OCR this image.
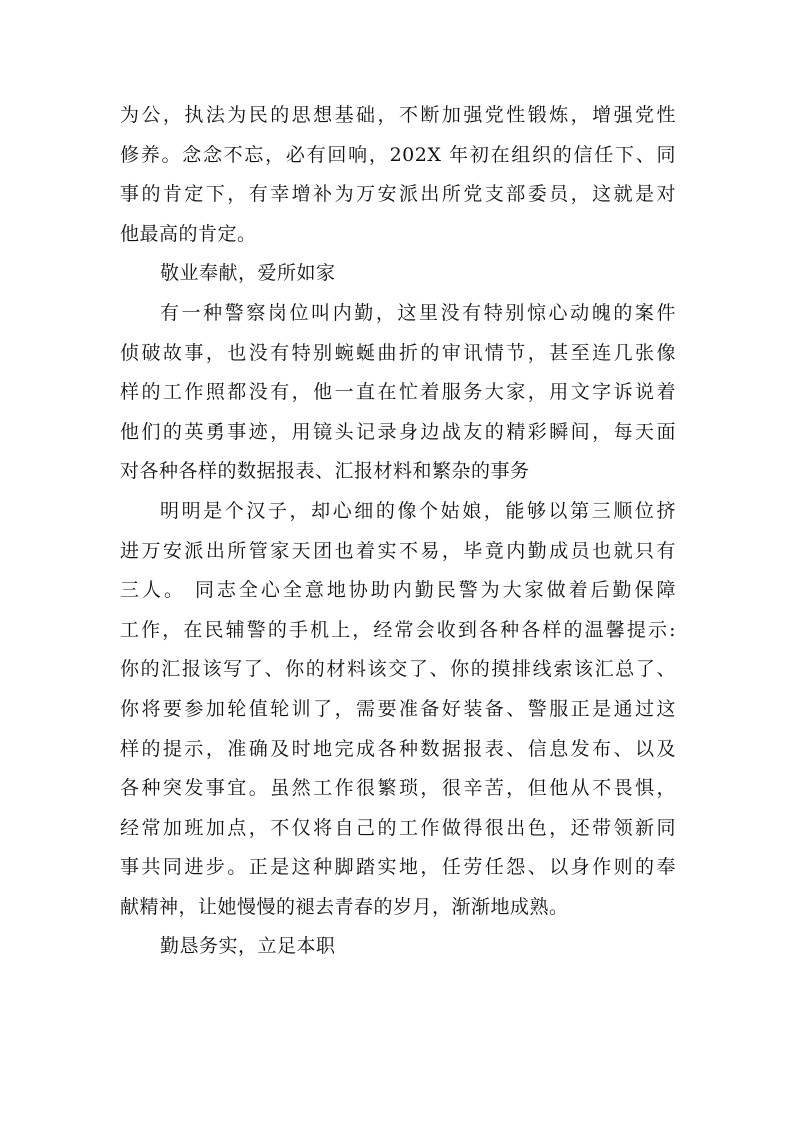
为公，执法为民的思想基础，不断加强党性锻炼，增强党性
修养。念念不忘，必有回响，202X 年初在组织的信任下、同
事的肯定下，有幸增补为万安派出所党支部委员，这就是对
他最高的肯定。
敬业奉献，爱所如家
有一种警察岗位叫内勤，这里没有特别惊心动魄的案件
侦破故事，也没有特别蜿蜒曲折的审讯情节，甚至连几张像
样的工作照都没有，他一直在忙着服务大家，用文字诉说着
他们的英勇事迹，用镜头记录身边战友的精彩瞬间，每天面
对各种各样的数据报表、汇报材料和繁杂的事务
明明是个汉子，却心细的像个姑娘，能够以第三顺位挤
进万安派出所管家天团也着实不易，毕竟内勤成员也就只有
三人。 同志全心全意地协助内勤民警为大家做着后勤保障
工作，在民辅警的手机上，经常会收到各种各样的温馨提示:
你的汇报该写了、你的材料该交了、你的摸排线索该汇总了、
你将要参加轮值轮训了，需要准备好装备、警服正是通过这
样的提示，准确及时地完成各种数据报表、信息发布、以及
各种突发事宜。虽然工作很繁琐，很辛苦，但他从不畏惧，
经常加班加点，不仅将自己的工作做得很出色，还带领新同
事共同进步。正是这种脚踏实地，任劳任怨、以身作则的奉
献精神，让她慢慢的褪去青春的岁月，渐渐地成熟。
勤恳务实，立足本职
